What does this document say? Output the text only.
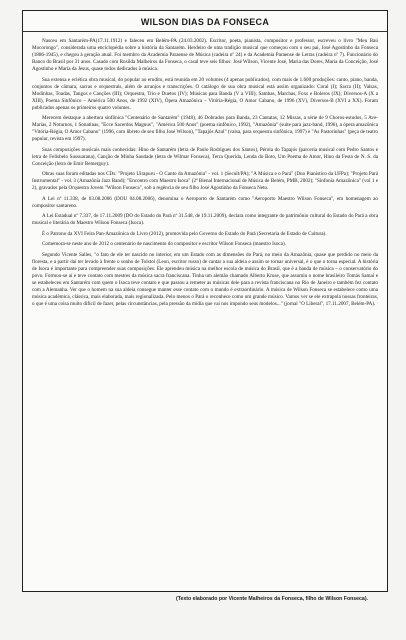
WILSON DIAS DA FONSECA

Nasceu em Santarém-PA(17.11.1912) e faleceu em Belém-PA (24.03.2002). Escritor, poeta, pianista, compositor e professor, escreveu o livro "Meu Baú Mocorongo", considerada uma enciclopédia sobre a história da Santarém. Herdeiro de uma tradição musical que começou com o seu pai, José Agostinho da Fonseca (1886-1945), e chegou à geração atual. Foi membro da Academia Paraense de Música (cadeira nº 24) e da Academia Paraense de Letras (cadeira nº 7). Funcionário do Banco do Brasil por 31 anos. Casado com Rosilda Malheiros da Fonseca, o casal teve seis filhos: José Wilson, Vicente José, Maria das Dores, Maria da Conceição, José Agostinho e Maria da Jesus, quase todos dedicados à música.

Sua extensa e eclética obra musical, do popular ao erudito, está reunida em 20 volumes (4 apenas publicados), com mais de 1.600 produções: canto, piano, banda, conjuntos de câmara, sacras e orquestrais, além de arranjos e transcrições. O catálogo de sua obra musical está assim organizado: Coral (I); Sacra (II); Valsas, Modinhas, Toadas, Tangos e Canções (III); Orquestra, Trio e Duetos (IV); Músicas para Banda (V a VIII); Sambas, Marchas, Foxs e Boleros (IX); Diversos-A (X a XIII), Poema Sinfônico – América 500 Anos, de 1992 (XIV), Ópera Amazônica – Vitória-Régia, O Amor Cabano, de 1996 (XV), Diversos-B (XVI a XX). Foram publicados apenas os primeiros quatro volumes.

Merecem destaque a abertura sinfônica "Centenário de Santarém" (1948), 46 Dobrados para Banda, 23 Cantatas, 12 Missas, a série de 9 Choros-estudos, 5 Ave-Marias, 2 Noturnos, 1 Sonatinas, "Ecce Sacerdos Magnus", "América 500 Anos" (poema sinfônico, 1992), "Amazônia" (suíte para jazz-band, 1996), a ópera amazônica "Vitória-Régia, O Amor Cabano" (1996, com libreto de seu filho José Wilson), "Tapajós Azul" (valsa, para orquestra sinfônica, 1997) e "As Pastorinhas" (peça de teatro popular, revista em 1997).

Suas composições musicais mais conhecidas: Hino de Santarém (letra de Paulo Rodrigues dos Santos), Pérola do Tapajós (parceria musical com Pedro Santos e letra de Felisbelo Sussuarana), Canção de Minha Saudade (letra de Wilmar Fonseca), Terra Querida, Lenda do Boto, Um Poema de Amor, Hino da Festa de N. S. da Conceição (letra de Emir Bemerguy).

Obras suas foram editadas nos CDs: "Projeto Uirapuru - O Canto da Amazônia" - vol. 1 (Secult/PA); "A Música e o Pará" (Duo Pianístico da UFPa); "Projeto Pará Instrumental" - vol. 3 (Amazônia Jazz Band); "Encontro com Maestro Isoca" (2ª Bienal Internacional de Música de Belém, PMB, 2002); "Sinfonia Amazônica" (vol 1 e 2), gravados pela Orquestra Jovem "Wilson Fonseca", sob a regência de seu filho José Agostinho da Fonseca Neto.

A Lei nº 11.338, de 03.08.2006 (DOU 04.08.2006), denomina o Aeroporto de Santarém como "Aeroporto Maestro Wilson Fonseca", em homenagem ao compositor santareno.

A Lei Estadual nº 7.337, de 17.11.2009 (DO do Estado do Pará nº 31.548, de 19.11.2009), declara como integrante do patrimônio cultural do Estado do Pará a obra musical e literária do Maestro Wilson Fonseca (Isoca).

É o Patrono da XVI Feira Pan-Amazônica do Livro (2012), promovida pelo Governo do Estado do Pará (Secretaria de Estado de Cultura).

Comemora-se neste ano de 2012 o centenário de nascimento do compositor e escritor Wilson Fonseca (maestro Isoca).

Segundo Vicente Salles, "o fato de ele ter nascido no interior, em um Estado com as dimensões do Pará, no meio da Amazônia, quase que perdido no meio da floresta, e a partir daí ter levado à frente o sonho de Tolstoi (Leon, escritor russo) de cantar a sua aldeia e assim se tornar universal, é o que o torna especial. A história de Isoca é importante para compreender suas composições. Ele aprendeu música na melhor escola de música do Brasil, que é a banda de música – o conservatório do povo. Formou-se aí e teve contato com mestres da música sacra franciscana. Tinha um alemão chamado Alberto Kruse, que assumiu o nome brasileiro Tomás Samai e se estabeleceu em Santarém com quem o Isoca teve contato e que passou a remeter as músicas dele para a revista franciscana no Rio de Janeiro e também fez contato com a Alemanha. Ver que o homem na sua aldeia consegue manter esse contato com o mundo é extraordinário. A música de Wilson Fonseca se estabelece como uma música acadêmica, clássica, mais elaborada, mais regionalizada. Pelo menos o Pará o reconhece como um grande músico. Vamos ver se ele extrapola nossas fronteiras, o que é uma coisa muito difícil de fazer, pelas circunstâncias, pela pressão da mídia que vai nos impondo seus modelos..." (jornal "O Liberal", 17.11.2007, Belém-PA).

(Texto elaborado por Vicente Malheiros da Fonseca, filho de Wilson Fonseca).
